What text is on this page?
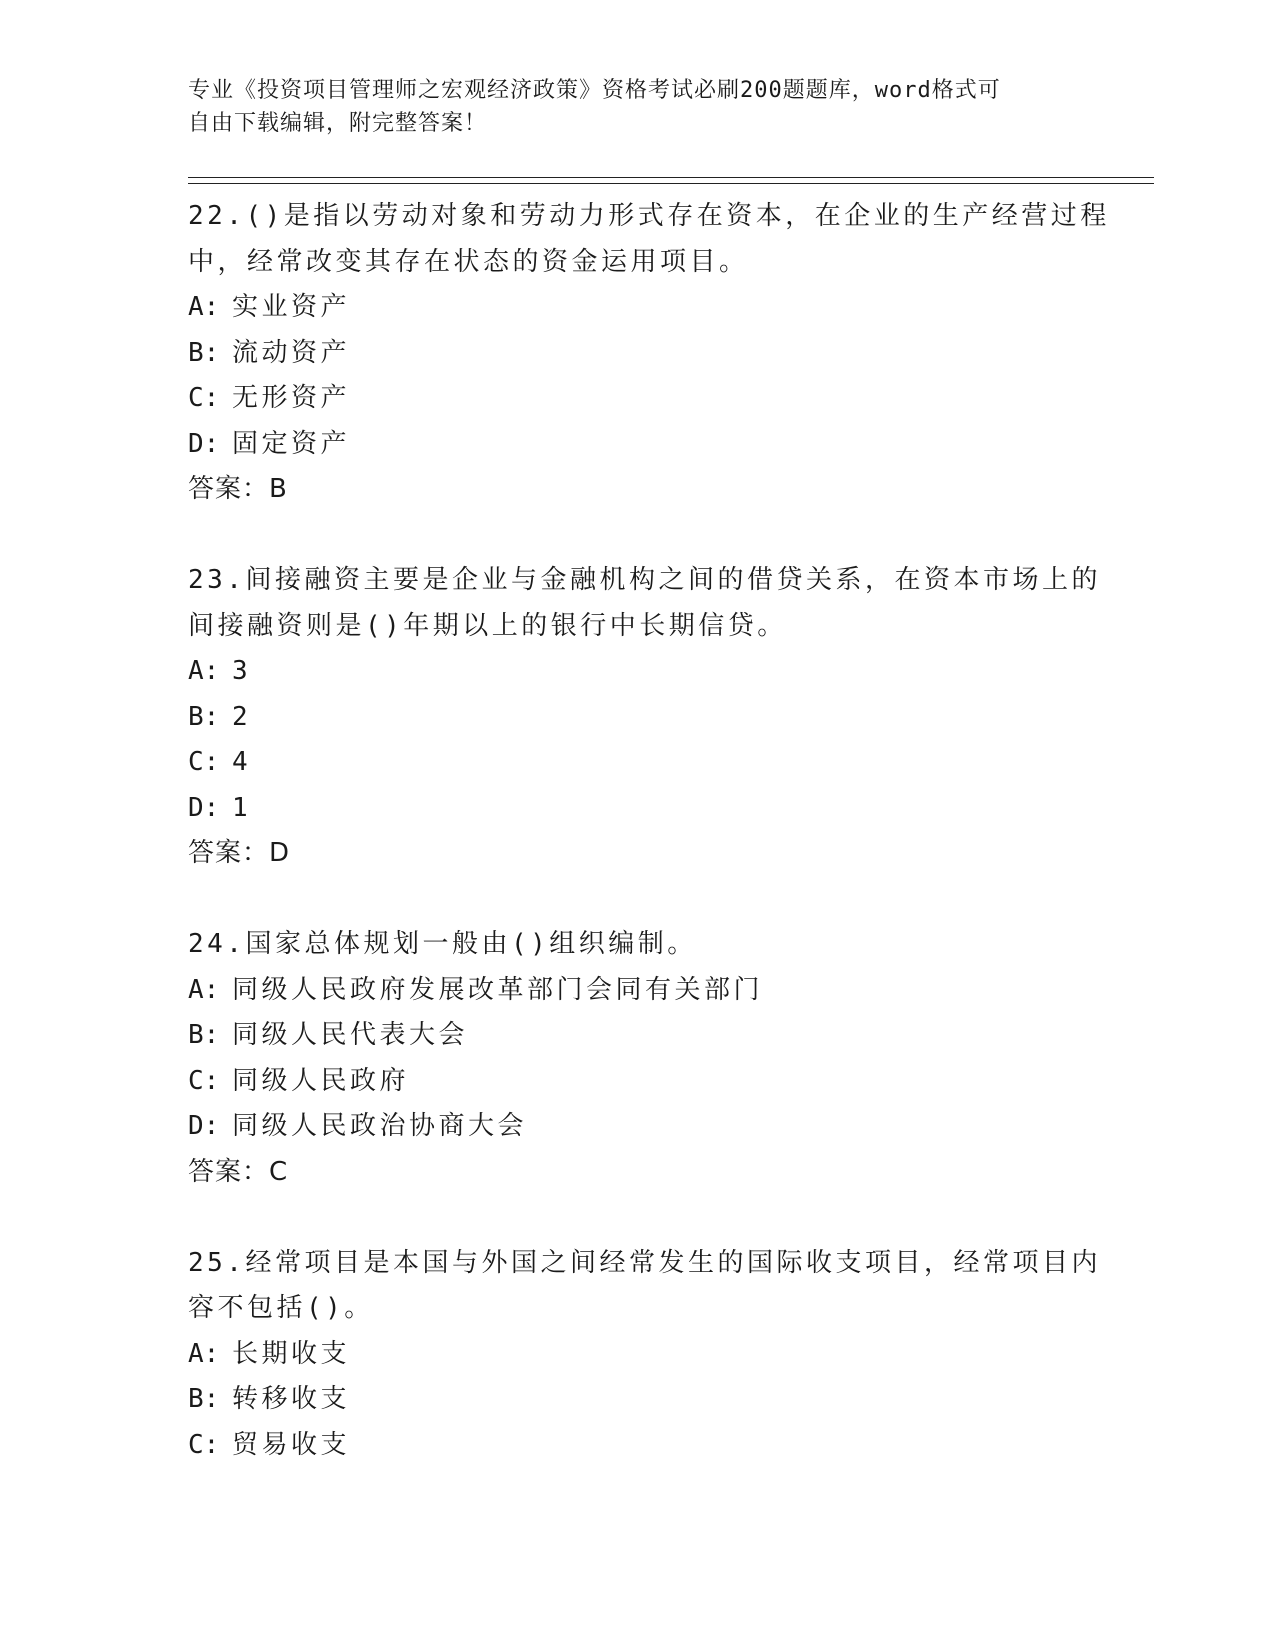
专业《投资项目管理师之宏观经济政策》资格考试必刷200题题库，word格式可
自由下载编辑，附完整答案！
22.()是指以劳动对象和劳动力形式存在资本，在企业的生产经营过程
中，经常改变其存在状态的资金运用项目。
A: 实业资产
B: 流动资产
C: 无形资产
D: 固定资产
答案：B
23.间接融资主要是企业与金融机构之间的借贷关系，在资本市场上的
间接融资则是()年期以上的银行中长期信贷。
A: 3
B: 2
C: 4
D: 1
答案：D
24.国家总体规划一般由()组织编制。
A: 同级人民政府发展改革部门会同有关部门
B: 同级人民代表大会
C: 同级人民政府
D: 同级人民政治协商大会
答案：C
25.经常项目是本国与外国之间经常发生的国际收支项目，经常项目内
容不包括()。
A: 长期收支
B: 转移收支
C: 贸易收支
